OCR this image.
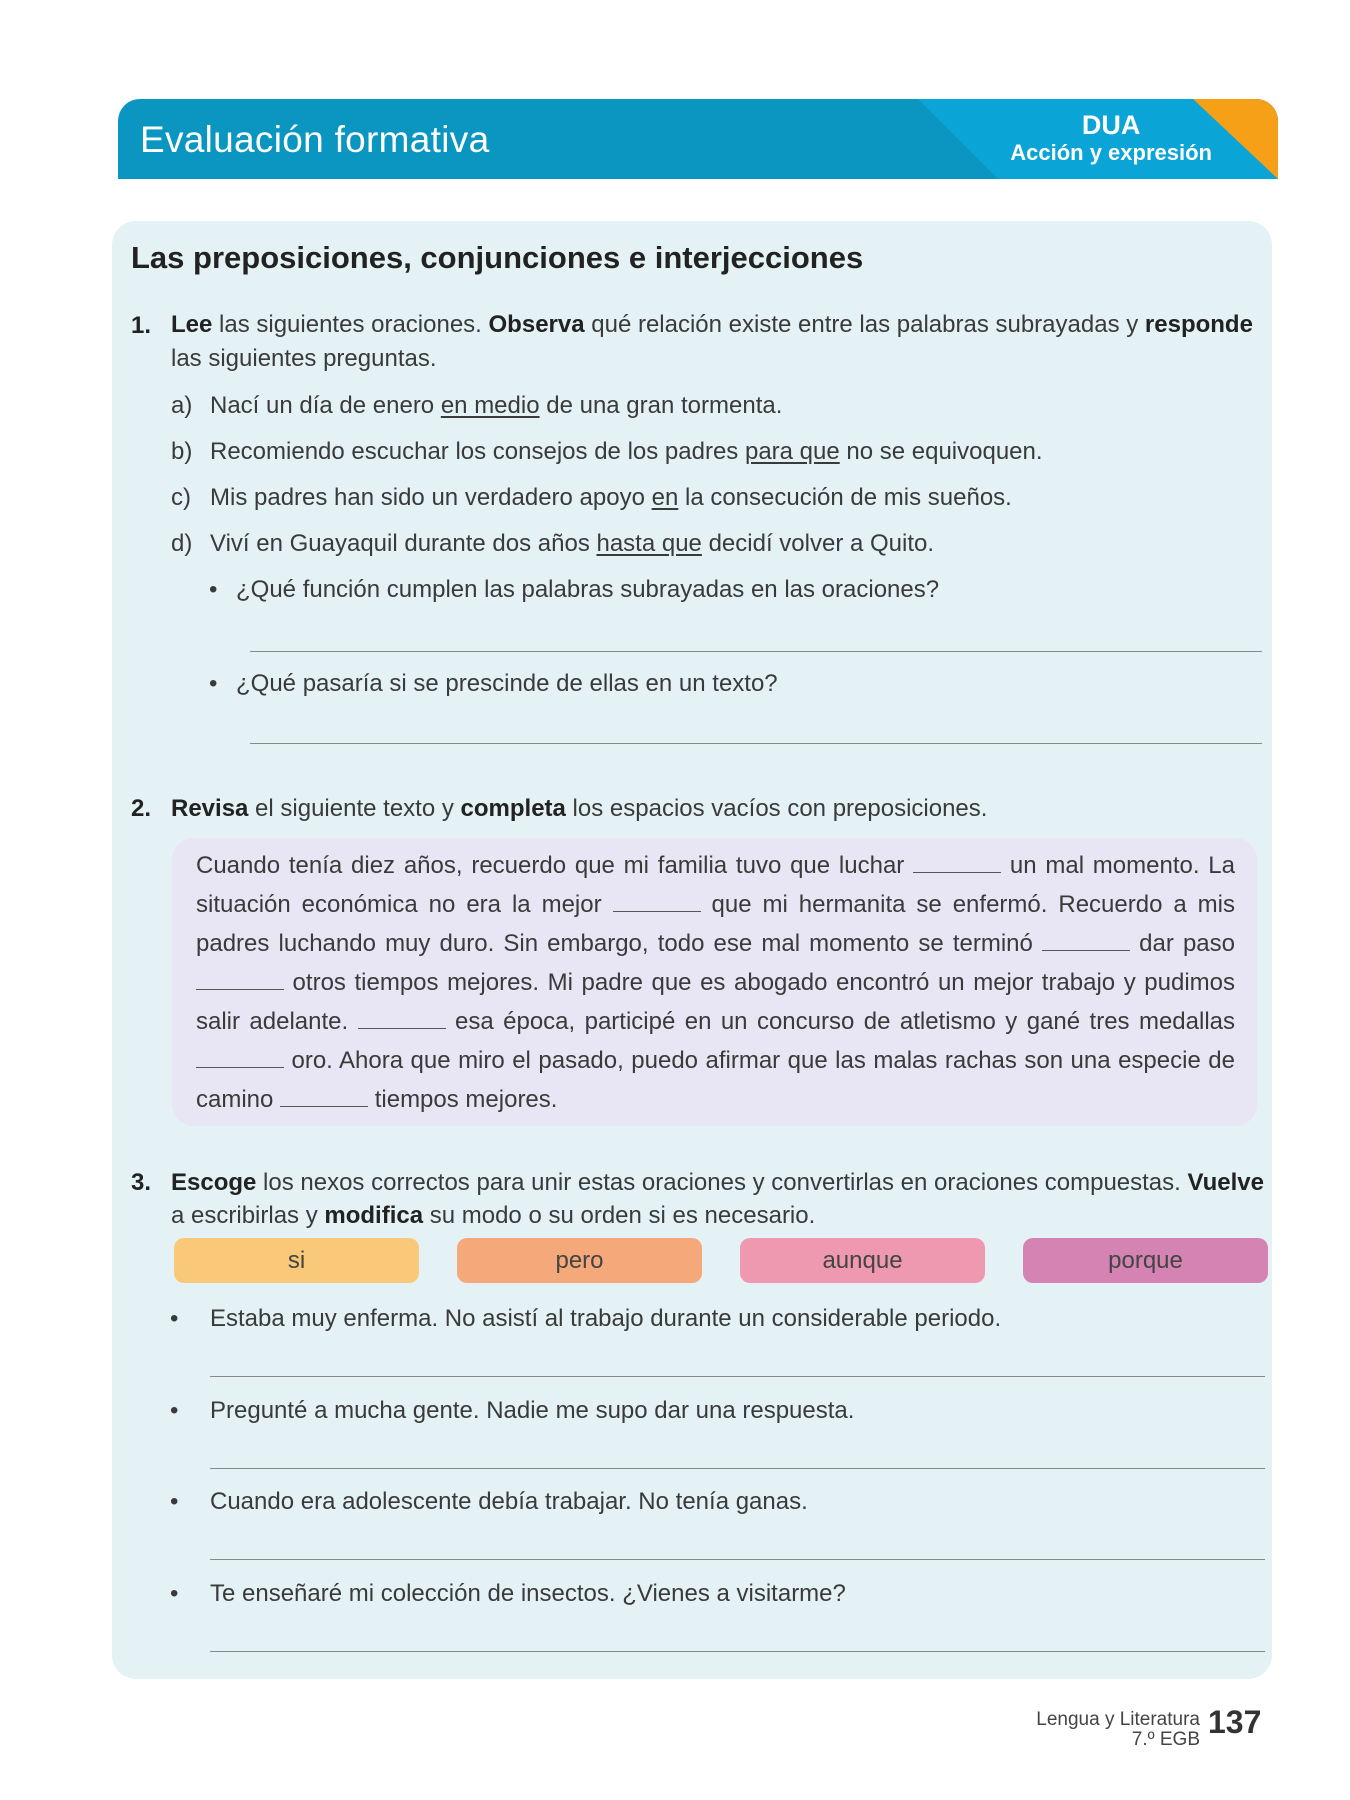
Evaluación formativa	DUA
Acción y expresión
Las preposiciones, conjunciones e interjecciones
1. Lee las siguientes oraciones. Observa qué relación existe entre las palabras subrayadas y responde
las siguientes preguntas.
a) Nací un día de enero en medio de una gran tormenta.
b) Recomiendo escuchar los consejos de los padres para que no se equivoquen.
c) Mis padres han sido un verdadero apoyo en la consecución de mis sueños.
d) Viví en Guayaquil durante dos años hasta que decidí volver a Quito.
• ¿Qué función cumplen las palabras subrayadas en las oraciones?
• ¿Qué pasaría si se prescinde de ellas en un texto?
2. Revisa el siguiente texto y completa los espacios vacíos con preposiciones.
Cuando tenía diez años, recuerdo que mi familia tuvo que luchar	un mal momento. La situación económica no era la mejor	que mi hermanita se enfermó. Recuerdo a mis padres luchando muy duro. Sin embargo, todo ese mal momento se terminó	dar paso  otros tiempos mejores. Mi padre que es abogado encontró un mejor trabajo y pudimos salir adelante.	esa época, participé en un concurso de atletismo y gané tres medallas  oro. Ahora que miro el pasado, puedo afirmar que las malas rachas son una especie de camino	tiempos mejores.
3. Escoge los nexos correctos para unir estas oraciones y convertirlas en oraciones compuestas. Vuelve
a escribirlas y modifica su modo o su orden si es necesario.
si	pero	aunque	porque
• Estaba muy enferma. No asistí al trabajo durante un considerable periodo.
• Pregunté a mucha gente. Nadie me supo dar una respuesta.
• Cuando era adolescente debía trabajar. No tenía ganas.
• Te enseñaré mi colección de insectos. ¿Vienes a visitarme?
Lengua y Literatura
7.º EGB 137
